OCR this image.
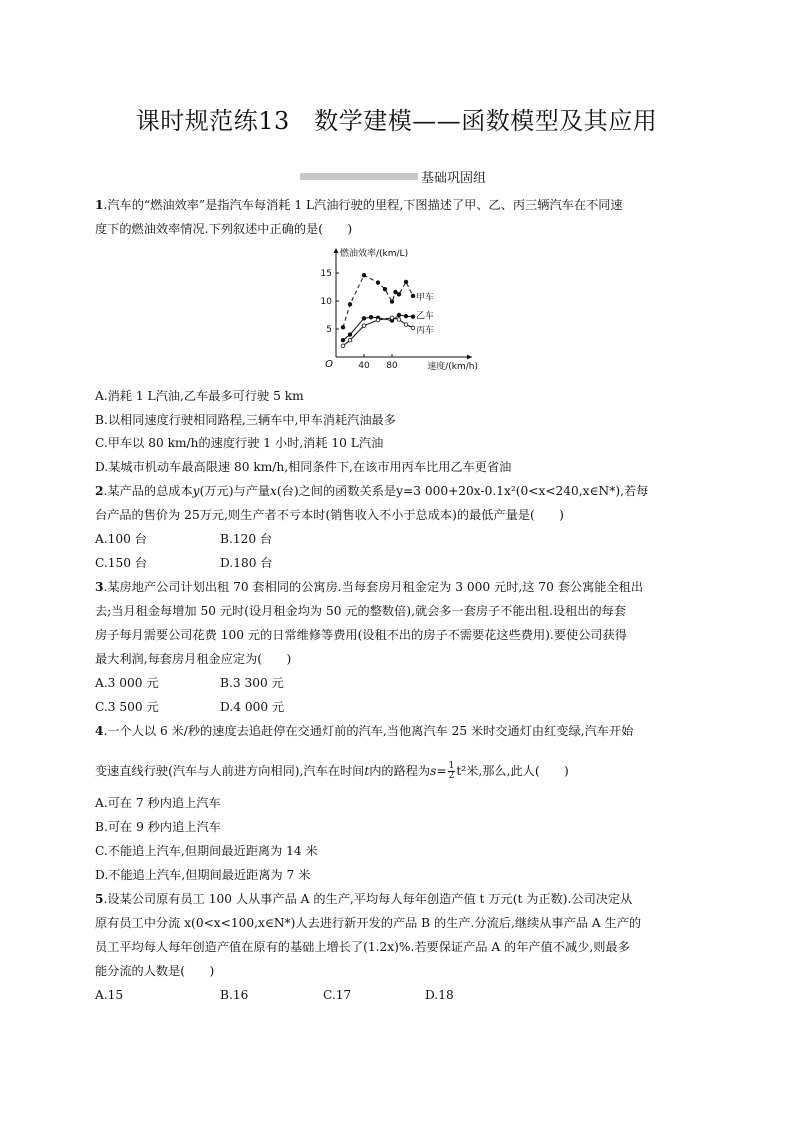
课时规范练13　数学建模——函数模型及其应用
基础巩固组
1.汽车的“燃油效率”是指汽车每消耗 1 L汽油行驶的里程,下图描述了甲、乙、丙三辆汽车在不同速
度下的燃油效率情况.下列叙述中正确的是(　　)
燃油效率/(km/L)
速度/(km/h)
O	40 80
5
10
15
甲车
乙车
丙车
A.消耗 1 L汽油,乙车最多可行驶 5 km
B.以相同速度行驶相同路程,三辆车中,甲车消耗汽油最多
C.甲车以 80 km/h的速度行驶 1 小时,消耗 10 L汽油
D.某城市机动车最高限速 80 km/h,相同条件下,在该市用丙车比用乙车更省油
2.某产品的总成本y(万元)与产量x(台)之间的函数关系是y=3 000+20x-0.1x²(0<x<240,x∈N*),若每
台产品的售价为 25万元,则生产者不亏本时(销售收入不小于总成本)的最低产量是(　　)
A.100 台	B.120 台
C.150 台	D.180 台
3.某房地产公司计划出租 70 套相同的公寓房.当每套房月租金定为 3 000 元时,这 70 套公寓能全租出
去;当月租金每增加 50 元时(设月租金均为 50 元的整数倍),就会多一套房子不能出租.设租出的每套
房子每月需要公司花费 100 元的日常维修等费用(设租不出的房子不需要花这些费用).要使公司获得
最大利润,每套房月租金应定为(　　)
A.3 000 元	B.3 300 元
C.3 500 元	D.4 000 元
4.一个人以 6 米/秒的速度去追赶停在交通灯前的汽车,当他离汽车 25 米时交通灯由红变绿,汽车开始
变速直线行驶(汽车与人前进方向相同),汽车在时间t内的路程为$s= \frac{1}{2} t^2$米,那么,此人(　　)
A.可在 7 秒内追上汽车
B.可在 9 秒内追上汽车
C.不能追上汽车,但期间最近距离为 14 米
D.不能追上汽车,但期间最近距离为 7 米
5.设某公司原有员工 100 人从事产品 A 的生产,平均每人每年创造产值 t 万元(t 为正数).公司决定从
原有员工中分流 x(0<x<100,x∈N*)人去进行新开发的产品 B 的生产.分流后,继续从事产品 A 生产的
员工平均每人每年创造产值在原有的基础上增长了(1.2x)%.若要保证产品 A 的年产值不减少,则最多
能分流的人数是(　　)
A.15	B.16	C.17	D.18
